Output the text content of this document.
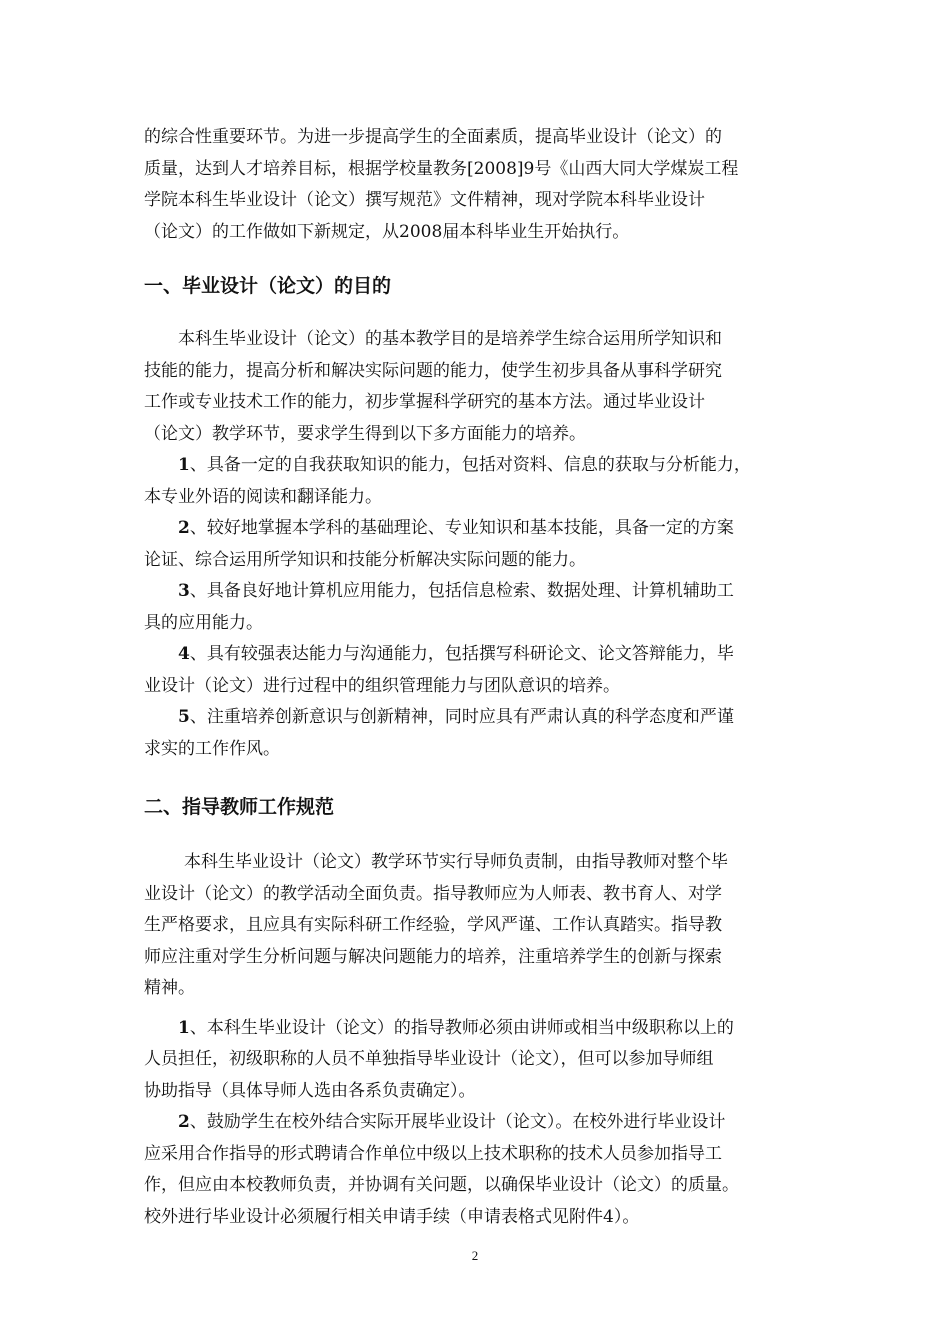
的综合性重要环节。为进一步提高学生的全面素质，提高毕业设计（论文）的

质量，达到人才培养目标，根据学校量教务[2008]9号《山西大同大学煤炭工程

学院本科生毕业设计（论文）撰写规范》文件精神，现对学院本科毕业设计

（论文）的工作做如下新规定，从2008届本科毕业生开始执行。

一、毕业设计（论文）的目的

本科生毕业设计（论文）的基本教学目的是培养学生综合运用所学知识和

技能的能力，提高分析和解决实际问题的能力，使学生初步具备从事科学研究

工作或专业技术工作的能力，初步掌握科学研究的基本方法。通过毕业设计

（论文）教学环节，要求学生得到以下多方面能力的培养。

1、具备一定的自我获取知识的能力，包括对资料、信息的获取与分析能力，

本专业外语的阅读和翻译能力。

2、较好地掌握本学科的基础理论、专业知识和基本技能，具备一定的方案

论证、综合运用所学知识和技能分析解决实际问题的能力。

3、具备良好地计算机应用能力，包括信息检索、数据处理、计算机辅助工

具的应用能力。

4、具有较强表达能力与沟通能力，包括撰写科研论文、论文答辩能力，毕

业设计（论文）进行过程中的组织管理能力与团队意识的培养。

5、注重培养创新意识与创新精神，同时应具有严肃认真的科学态度和严谨

求实的工作作风。

二、指导教师工作规范

本科生毕业设计（论文）教学环节实行导师负责制，由指导教师对整个毕

业设计（论文）的教学活动全面负责。指导教师应为人师表、教书育人、对学

生严格要求，且应具有实际科研工作经验，学风严谨、工作认真踏实。指导教

师应注重对学生分析问题与解决问题能力的培养，注重培养学生的创新与探索

精神。

1、本科生毕业设计（论文）的指导教师必须由讲师或相当中级职称以上的

人员担任，初级职称的人员不单独指导毕业设计（论文），但可以参加导师组

协助指导（具体导师人选由各系负责确定）。

2、鼓励学生在校外结合实际开展毕业设计（论文）。在校外进行毕业设计

应采用合作指导的形式聘请合作单位中级以上技术职称的技术人员参加指导工

作，但应由本校教师负责，并协调有关问题，以确保毕业设计（论文）的质量。

校外进行毕业设计必须履行相关申请手续（申请表格式见附件4）。

2
